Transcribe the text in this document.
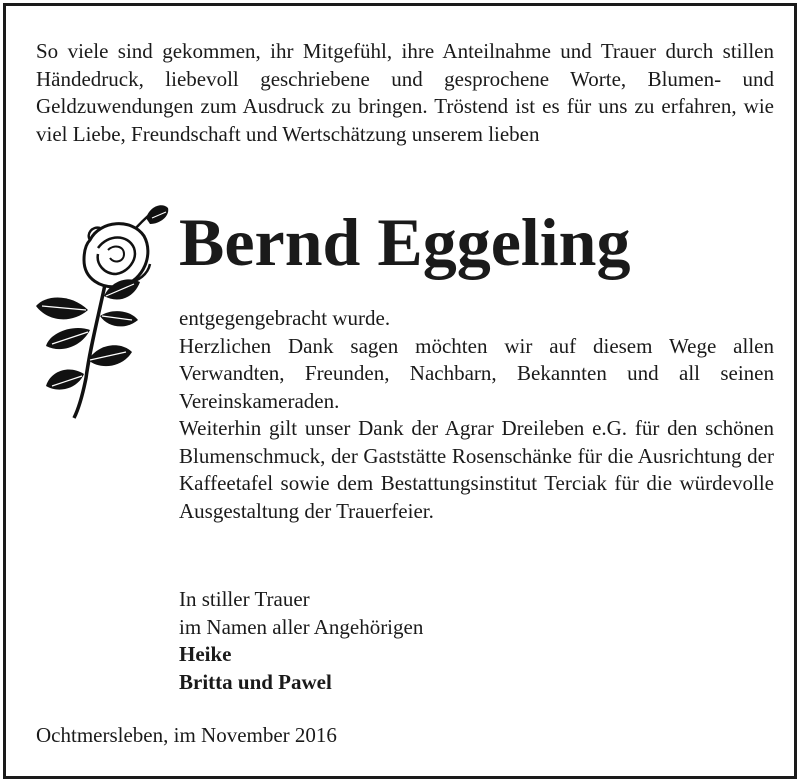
So viele sind gekommen, ihr Mitgefühl, ihre Anteilnahme und Trauer durch stillen Händedruck, liebevoll geschriebene und gesprochene Worte, Blumen- und Geldzuwendungen zum Ausdruck zu bringen. Tröstend ist es für uns zu erfahren, wie viel Liebe, Freundschaft und Wertschätzung unserem lieben

Bernd Eggeling

entgegengebracht wurde.

Herzlichen Dank sagen möchten wir auf diesem Wege allen Verwandten, Freunden, Nachbarn, Bekannten und all seinen Vereinskameraden.

Weiterhin gilt unser Dank der Agrar Dreileben e.G. für den schönen Blumenschmuck, der Gaststätte Rosenschänke für die Ausrichtung der Kaffeetafel sowie dem Bestattungsinstitut Terciak für die würdevolle Ausgestaltung der Trauerfeier.

In stiller Trauer

im Namen aller Angehörigen

Heike

Britta und Pawel

Ochtmersleben, im November 2016
